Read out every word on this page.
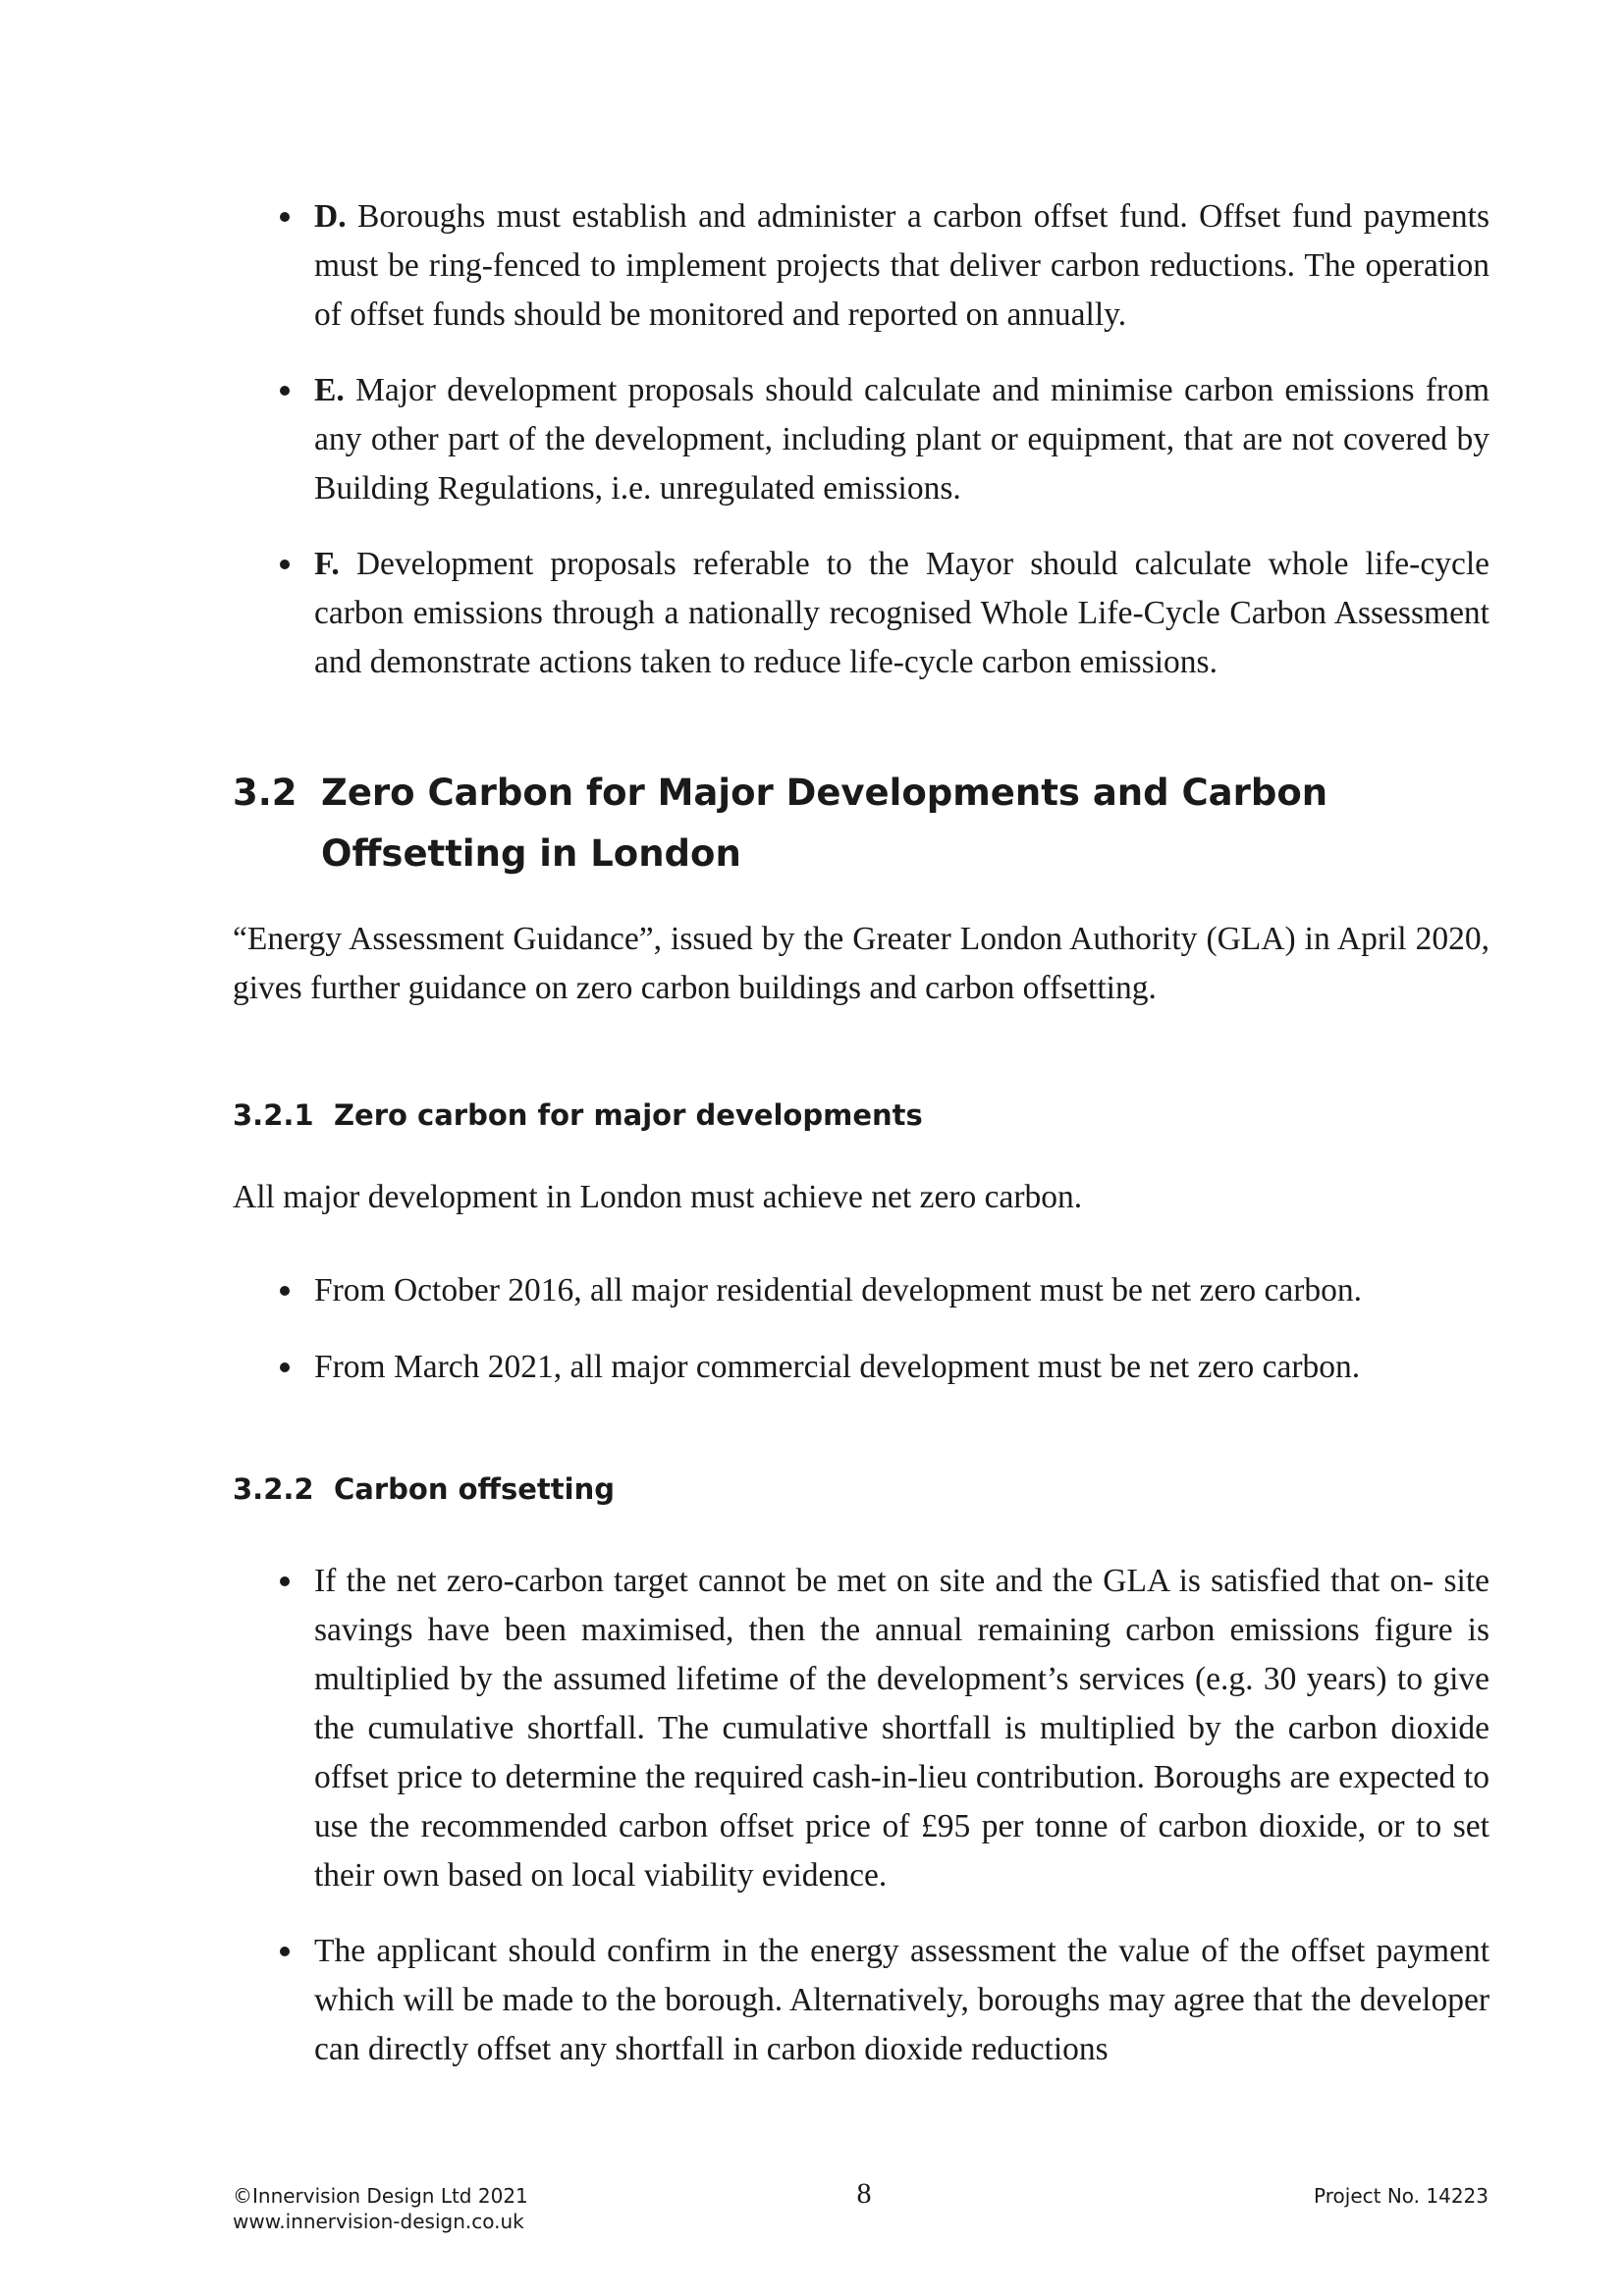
D. Boroughs must establish and administer a carbon offset fund. Offset fund payments must be ring-fenced to implement projects that deliver carbon reductions. The operation of offset funds should be monitored and reported on annually.

E. Major development proposals should calculate and minimise carbon emissions from any other part of the development, including plant or equipment, that are not covered by Building Regulations, i.e. unregulated emissions.

F. Development proposals referable to the Mayor should calculate whole life-cycle carbon emissions through a nationally recognised Whole Life-Cycle Carbon Assessment and demonstrate actions taken to reduce life-cycle carbon emissions.

3.2 Zero Carbon for Major Developments and Carbon Offsetting in London

“Energy Assessment Guidance”, issued by the Greater London Authority (GLA) in April 2020, gives further guidance on zero carbon buildings and carbon offsetting.

3.2.1 Zero carbon for major developments

All major development in London must achieve net zero carbon.

From October 2016, all major residential development must be net zero carbon.

From March 2021, all major commercial development must be net zero carbon.

3.2.2 Carbon offsetting

If the net zero-carbon target cannot be met on site and the GLA is satisfied that on- site savings have been maximised, then the annual remaining carbon emissions figure is multiplied by the assumed lifetime of the development’s services (e.g. 30 years) to give the cumulative shortfall. The cumulative shortfall is multiplied by the carbon dioxide offset price to determine the required cash-in-lieu contribution. Boroughs are expected to use the recommended carbon offset price of £95 per tonne of carbon dioxide, or to set their own based on local viability evidence.

The applicant should confirm in the energy assessment the value of the offset payment which will be made to the borough. Alternatively, boroughs may agree that the developer can directly offset any shortfall in carbon dioxide reductions

©Innervision Design Ltd 2021
www.innervision-design.co.uk
8	Project No. 14223
